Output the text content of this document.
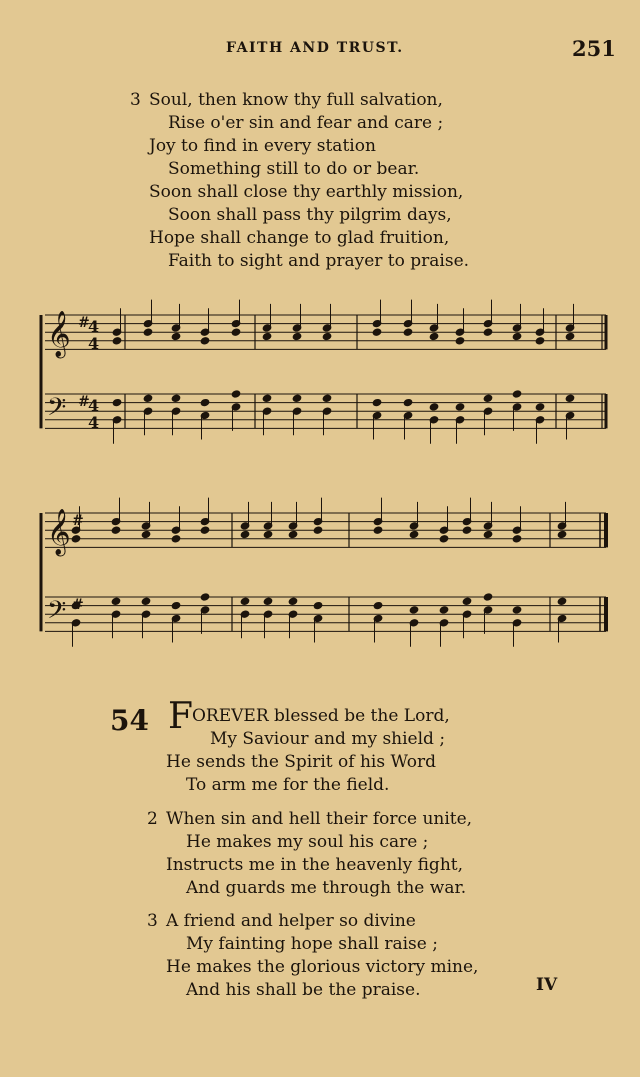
FAITH AND TRUST.	251
3 Soul, then know thy full salvation,
Rise o'er sin and fear and care ;
Joy to find in every station
Something still to do or bear.
Soon shall close thy earthly mission,
Soon shall pass thy pilgrim days,
Hope shall change to glad fruition,
Faith to sight and prayer to praise.
𝄞 #
4
4
𝄢 #
4
4
𝄞 #
𝄢 #
54 F OREVER blessed be the Lord,
My Saviour and my shield ;
He sends the Spirit of his Word
To arm me for the field.
2 When sin and hell their force unite,
He makes my soul his care ;
Instructs me in the heavenly fight,
And guards me through the war.
3 A friend and helper so divine
My fainting hope shall raise ;
He makes the glorious victory mine,
And his shall be the praise.	IV
